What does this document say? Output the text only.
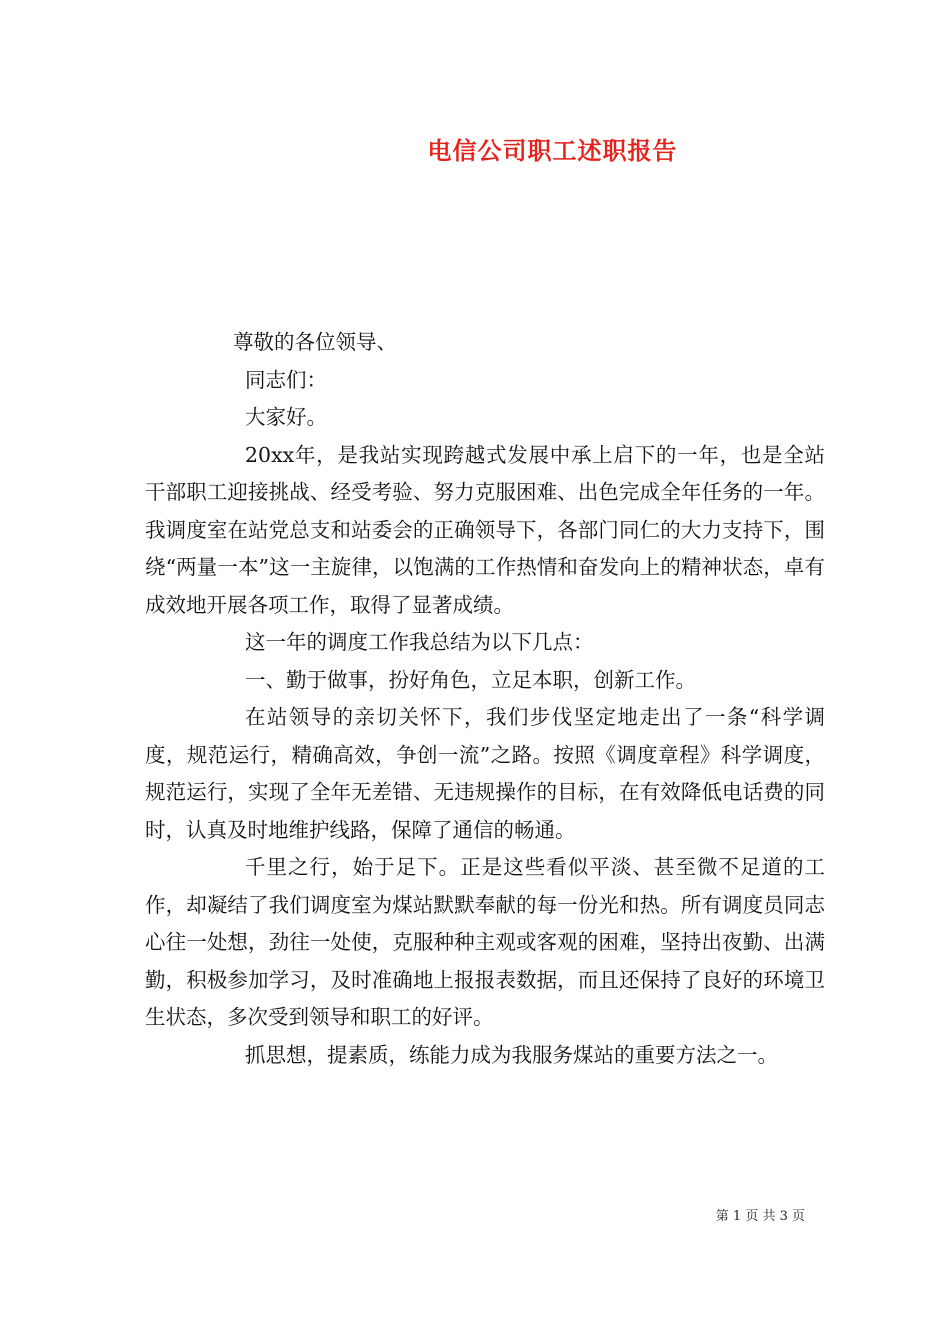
电信公司职工述职报告

尊敬的各位领导、

同志们：

大家好。

20xx年，是我站实现跨越式发展中承上启下的一年，也是全站干部职工迎接挑战、经受考验、努力克服困难、出色完成全年任务的一年。我调度室在站党总支和站委会的正确领导下，各部门同仁的大力支持下，围绕“两量一本”这一主旋律，以饱满的工作热情和奋发向上的精神状态，卓有成效地开展各项工作，取得了显著成绩。

这一年的调度工作我总结为以下几点：

一、勤于做事，扮好角色，立足本职，创新工作。

在站领导的亲切关怀下，我们步伐坚定地走出了一条“科学调度，规范运行，精确高效，争创一流”之路。按照《调度章程》科学调度，规范运行，实现了全年无差错、无违规操作的目标，在有效降低电话费的同时，认真及时地维护线路，保障了通信的畅通。

千里之行，始于足下。正是这些看似平淡、甚至微不足道的工作，却凝结了我们调度室为煤站默默奉献的每一份光和热。所有调度员同志心往一处想，劲往一处使，克服种种主观或客观的困难，坚持出夜勤、出满勤，积极参加学习，及时准确地上报报表数据，而且还保持了良好的环境卫生状态，多次受到领导和职工的好评。

抓思想，提素质，练能力成为我服务煤站的重要方法之一。

第 1 页 共 3 页
